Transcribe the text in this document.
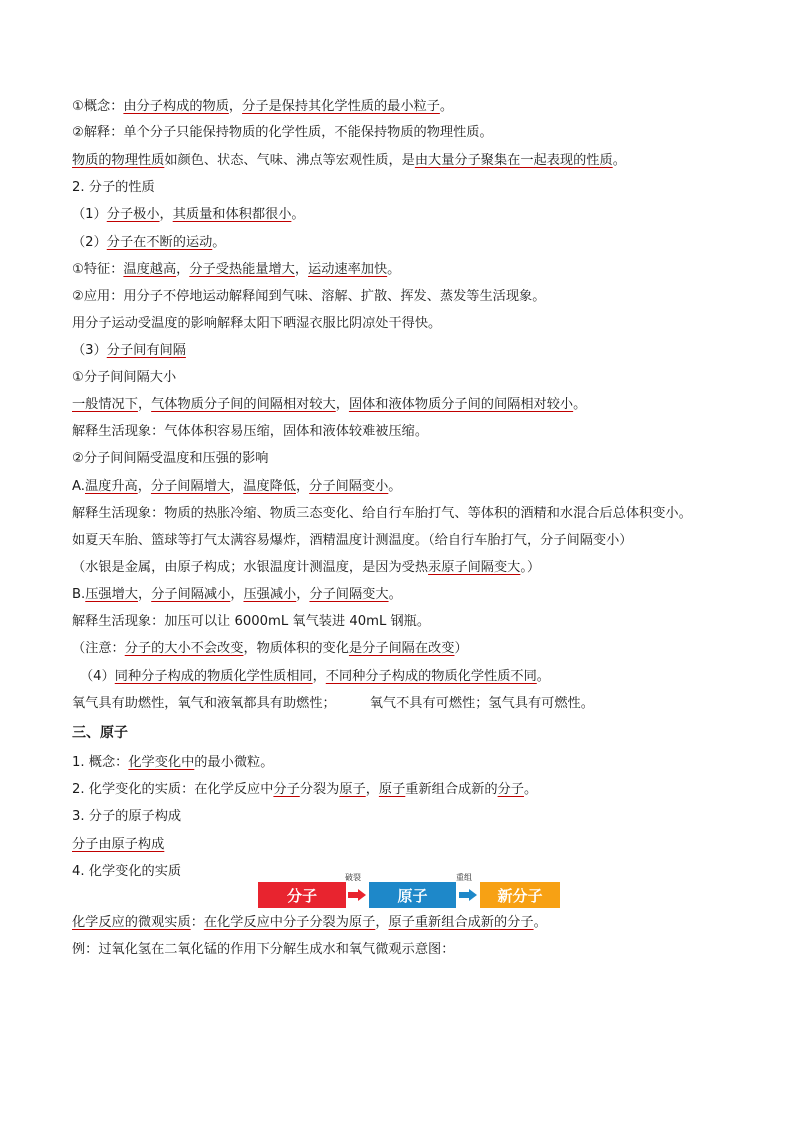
①概念：由分子构成的物质，分子是保持其化学性质的最小粒子。
②解释：单个分子只能保持物质的化学性质，不能保持物质的物理性质。
物质的物理性质如颜色、状态、气味、沸点等宏观性质，是由大量分子聚集在一起表现的性质。
2. 分子的性质
（1）分子极小，其质量和体积都很小。
（2）分子在不断的运动。
①特征：温度越高，分子受热能量增大，运动速率加快。
②应用：用分子不停地运动解释闻到气味、溶解、扩散、挥发、蒸发等生活现象。
用分子运动受温度的影响解释太阳下晒湿衣服比阴凉处干得快。
（3）分子间有间隔
①分子间间隔大小
一般情况下，气体物质分子间的间隔相对较大，固体和液体物质分子间的间隔相对较小。
解释生活现象：气体体积容易压缩，固体和液体较难被压缩。
②分子间间隔受温度和压强的影响
A.温度升高，分子间隔增大，温度降低，分子间隔变小。
解释生活现象：物质的热胀冷缩、物质三态变化、给自行车胎打气、等体积的酒精和水混合后总体积变小。
如夏天车胎、篮球等打气太满容易爆炸，酒精温度计测温度。（给自行车胎打气，分子间隔变小）
（水银是金属，由原子构成；水银温度计测温度，是因为受热汞原子间隔变大。）
B.压强增大，分子间隔减小，压强减小，分子间隔变大。
解释生活现象：加压可以让 6000mL 氧气装进 40mL 钢瓶。
（注意：分子的大小不会改变，物质体积的变化是分子间隔在改变）
（4）同种分子构成的物质化学性质相同，不同种分子构成的物质化学性质不同。
氧气具有助燃性，氧气和液氧都具有助燃性；	氧气不具有可燃性；氢气具有可燃性。
三、原子
1. 概念：化学变化中的最小微粒。
2. 化学变化的实质：在化学反应中分子分裂为原子，原子重新组合成新的分子。
3. 分子的原子构成
分子由原子构成
4. 化学变化的实质
分子
破裂
原子
重组
新分子
化学反应的微观实质：在化学反应中分子分裂为原子，原子重新组合成新的分子。
例：过氧化氢在二氧化锰的作用下分解生成水和氧气微观示意图：
